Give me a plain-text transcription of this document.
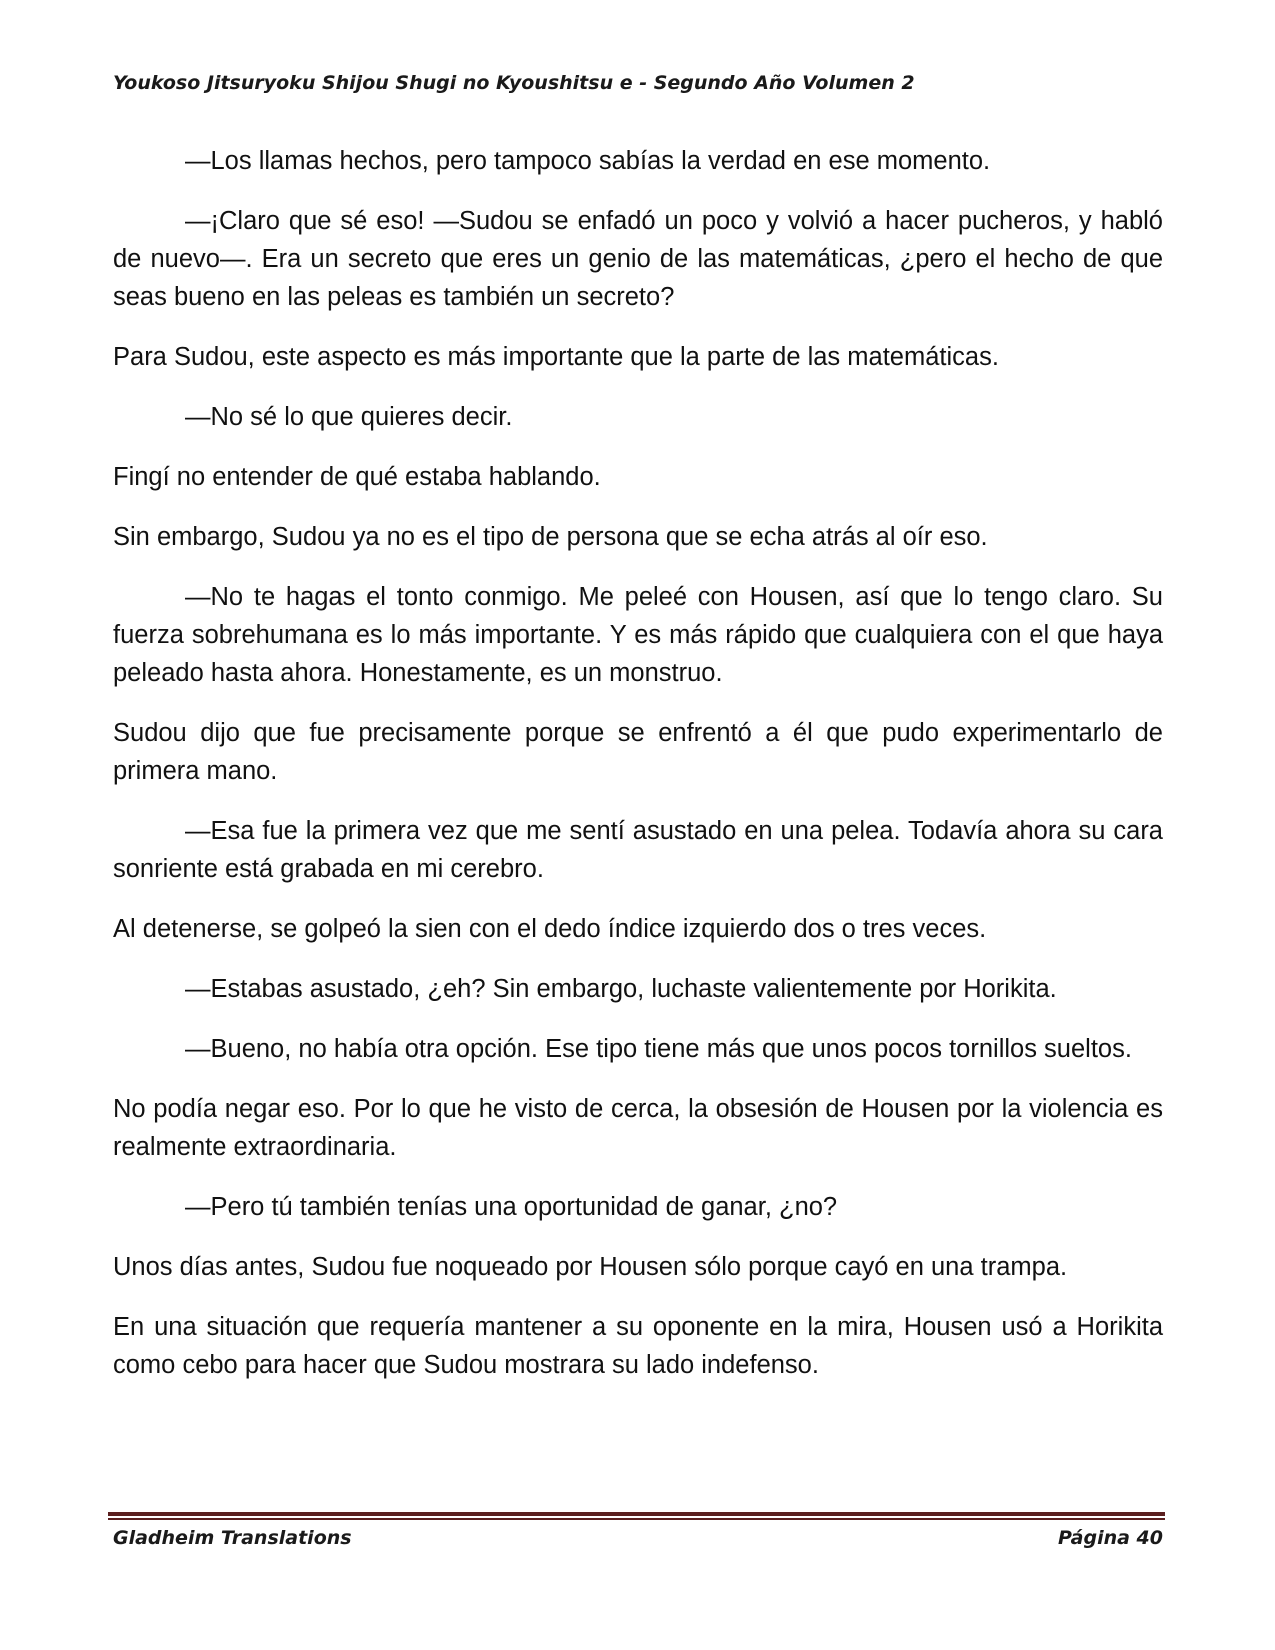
Youkoso Jitsuryoku Shijou Shugi no Kyoushitsu e - Segundo Año Volumen 2

—Los llamas hechos, pero tampoco sabías la verdad en ese momento.

—¡Claro que sé eso! —Sudou se enfadó un poco y volvió a hacer pucheros, y habló de nuevo—. Era un secreto que eres un genio de las matemáticas, ¿pero el hecho de que seas bueno en las peleas es también un secreto?

Para Sudou, este aspecto es más importante que la parte de las matemáticas.

—No sé lo que quieres decir.

Fingí no entender de qué estaba hablando.

Sin embargo, Sudou ya no es el tipo de persona que se echa atrás al oír eso.

—No te hagas el tonto conmigo. Me peleé con Housen, así que lo tengo claro. Su fuerza sobrehumana es lo más importante. Y es más rápido que cualquiera con el que haya peleado hasta ahora. Honestamente, es un monstruo.

Sudou dijo que fue precisamente porque se enfrentó a él que pudo experimentarlo de primera mano.

—Esa fue la primera vez que me sentí asustado en una pelea. Todavía ahora su cara sonriente está grabada en mi cerebro.

Al detenerse, se golpeó la sien con el dedo índice izquierdo dos o tres veces.

—Estabas asustado, ¿eh? Sin embargo, luchaste valientemente por Horikita.

—Bueno, no había otra opción. Ese tipo tiene más que unos pocos tornillos sueltos.

No podía negar eso. Por lo que he visto de cerca, la obsesión de Housen por la violencia es realmente extraordinaria.

—Pero tú también tenías una oportunidad de ganar, ¿no?

Unos días antes, Sudou fue noqueado por Housen sólo porque cayó en una trampa.

En una situación que requería mantener a su oponente en la mira, Housen usó a Horikita como cebo para hacer que Sudou mostrara su lado indefenso.

Gladheim Translations	Página 40
